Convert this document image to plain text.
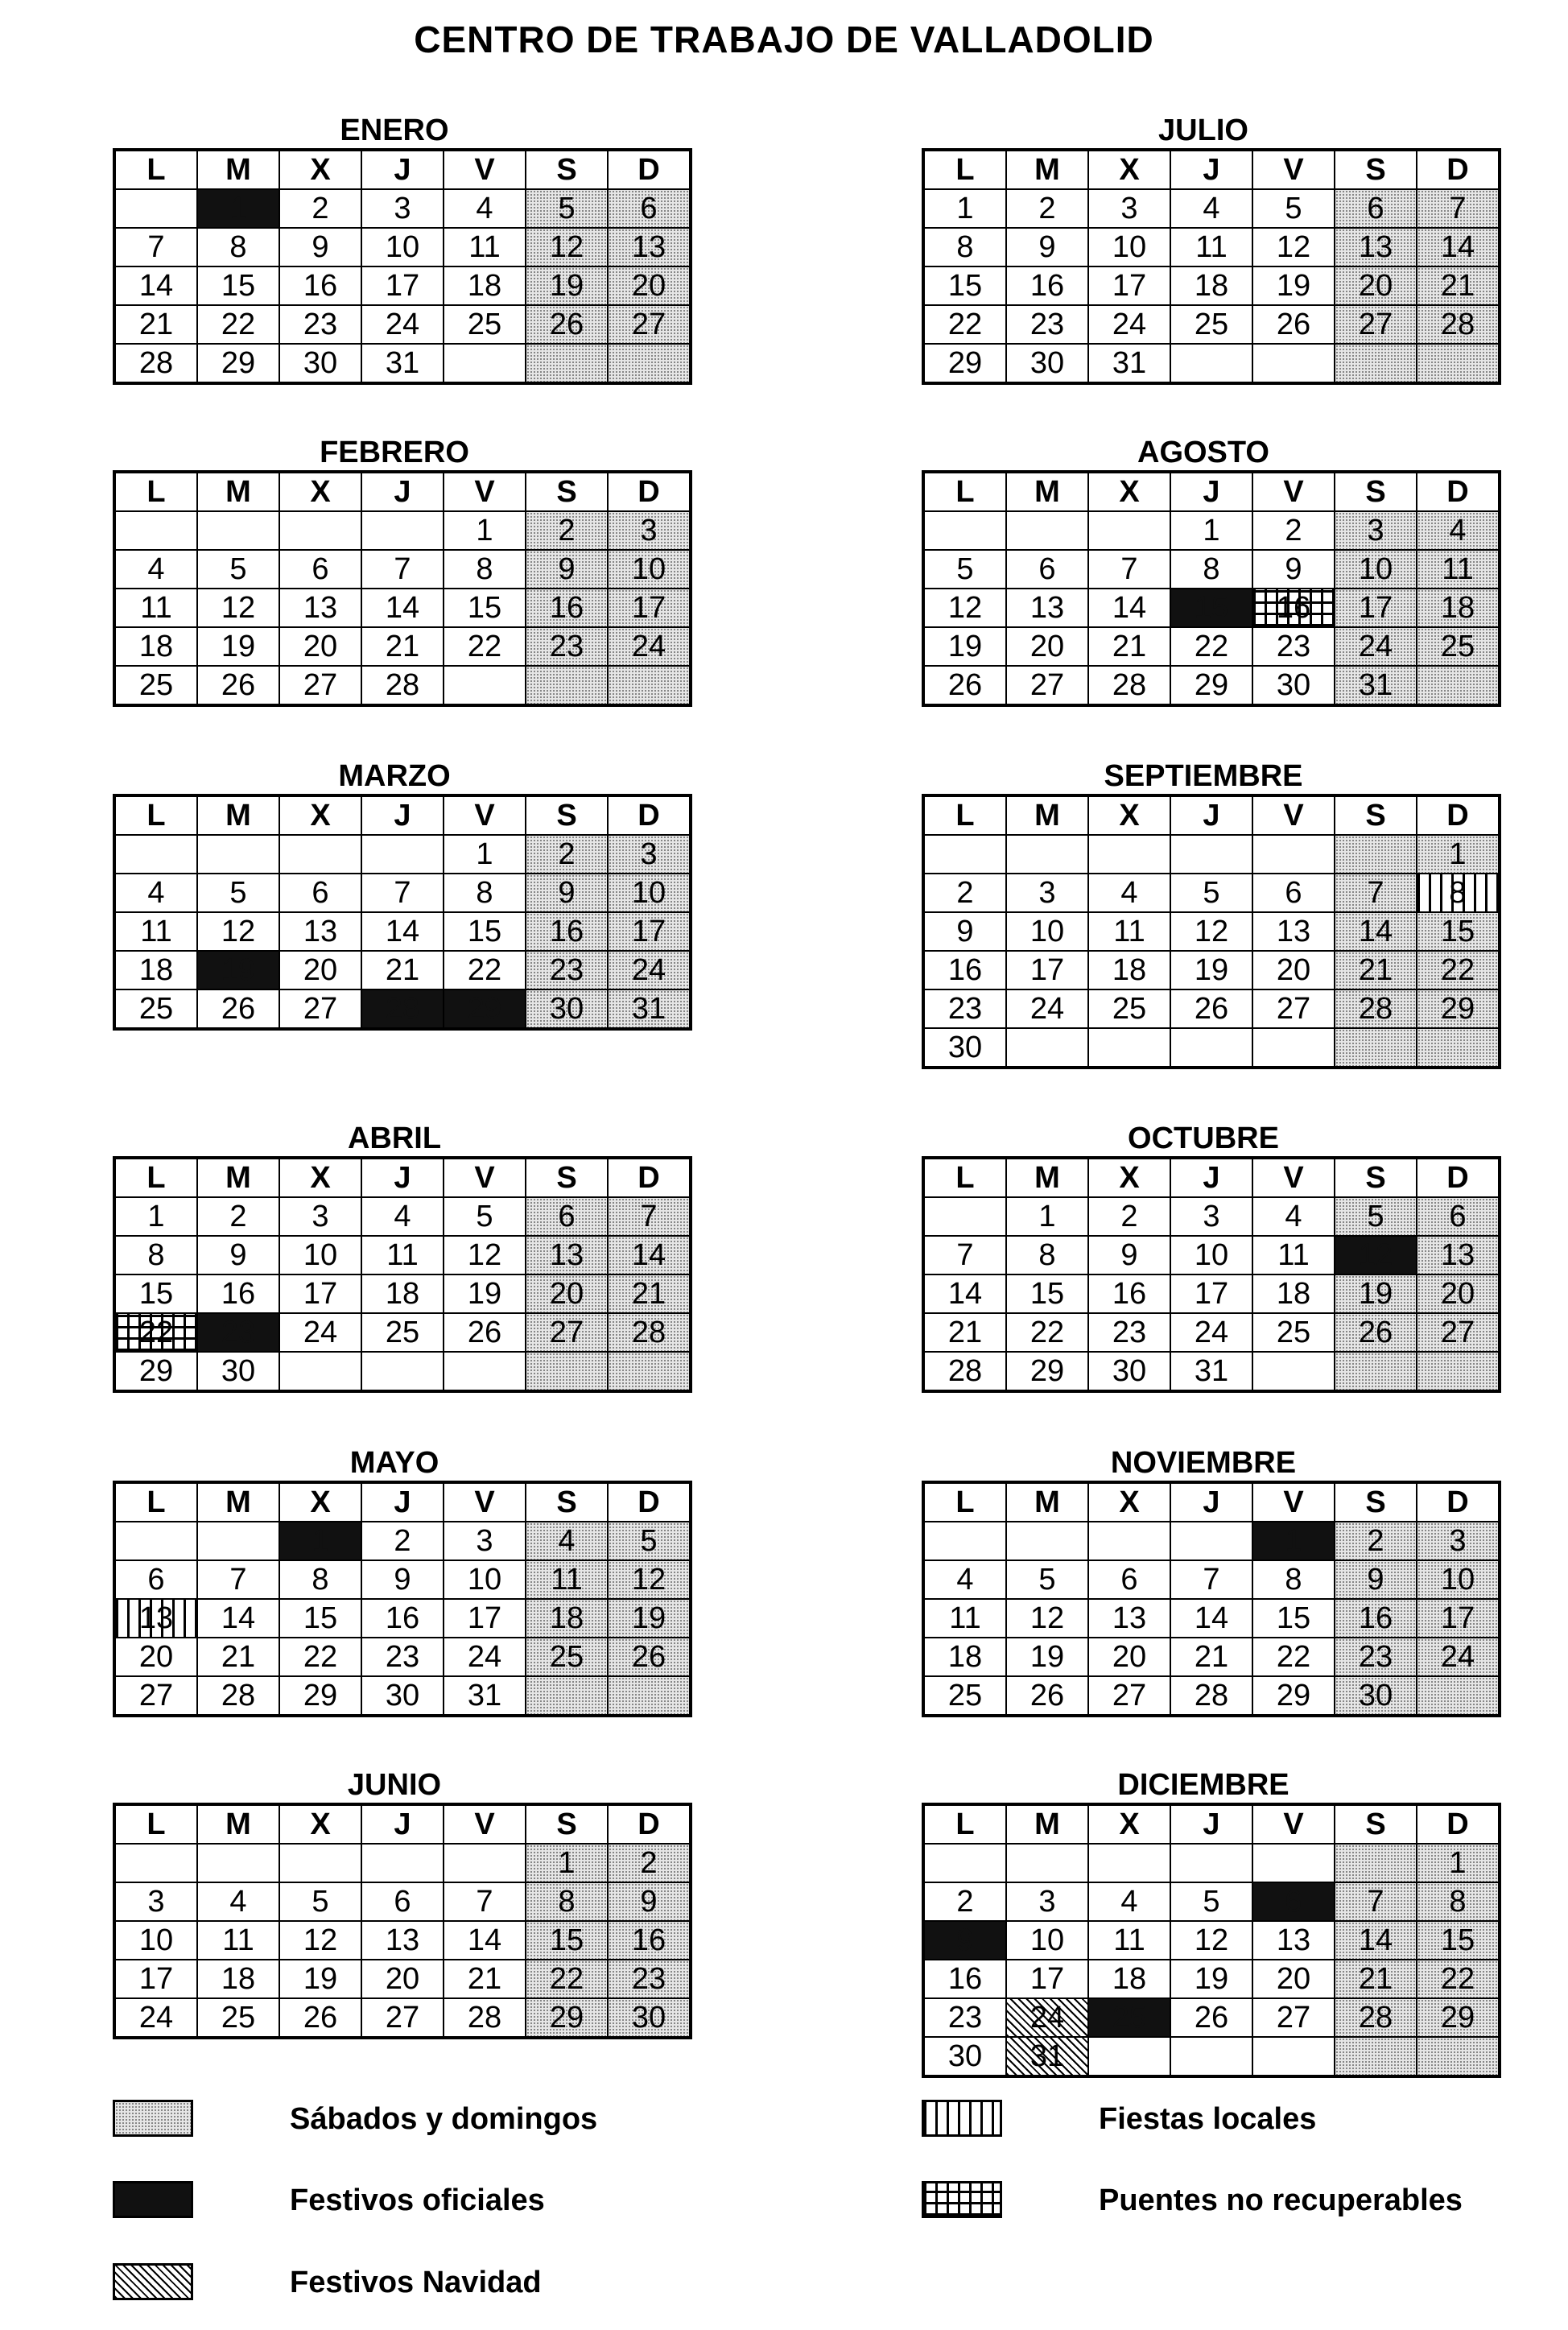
CENTRO DE TRABAJO DE VALLADOLID
ENERO
L	M	X	J	V	S	D
	1	2	3	4	5	6
7	8	9	10	11	12	13
14	15	16	17	18	19	20
21	22	23	24	25	26	27
28	29	30	31			
FEBRERO
L	M	X	J	V	S	D
				1	2	3
4	5	6	7	8	9	10
11	12	13	14	15	16	17
18	19	20	21	22	23	24
25	26	27	28			
MARZO
L	M	X	J	V	S	D
				1	2	3
4	5	6	7	8	9	10
11	12	13	14	15	16	17
18	19	20	21	22	23	24
25	26	27	28	29	30	31
ABRIL
L	M	X	J	V	S	D
1	2	3	4	5	6	7
8	9	10	11	12	13	14
15	16	17	18	19	20	21
22	23	24	25	26	27	28
29	30					
MAYO
L	M	X	J	V	S	D
		1	2	3	4	5
6	7	8	9	10	11	12
13	14	15	16	17	18	19
20	21	22	23	24	25	26
27	28	29	30	31		
JUNIO
L	M	X	J	V	S	D
					1	2
3	4	5	6	7	8	9
10	11	12	13	14	15	16
17	18	19	20	21	22	23
24	25	26	27	28	29	30
JULIO
L	M	X	J	V	S	D
1	2	3	4	5	6	7
8	9	10	11	12	13	14
15	16	17	18	19	20	21
22	23	24	25	26	27	28
29	30	31				
AGOSTO
L	M	X	J	V	S	D
			1	2	3	4
5	6	7	8	9	10	11
12	13	14	15	16	17	18
19	20	21	22	23	24	25
26	27	28	29	30	31	
SEPTIEMBRE
L	M	X	J	V	S	D
						1
2	3	4	5	6	7	8
9	10	11	12	13	14	15
16	17	18	19	20	21	22
23	24	25	26	27	28	29
30						
OCTUBRE
L	M	X	J	V	S	D
	1	2	3	4	5	6
7	8	9	10	11	12	13
14	15	16	17	18	19	20
21	22	23	24	25	26	27
28	29	30	31			
NOVIEMBRE
L	M	X	J	V	S	D
				1	2	3
4	5	6	7	8	9	10
11	12	13	14	15	16	17
18	19	20	21	22	23	24
25	26	27	28	29	30	
DICIEMBRE
L	M	X	J	V	S	D
						1
2	3	4	5	6	7	8
9	10	11	12	13	14	15
16	17	18	19	20	21	22
23	24	25	26	27	28	29
30	31					
Sábados y domingos	Fiestas locales
Festivos oficiales	Puentes no recuperables
Festivos Navidad
